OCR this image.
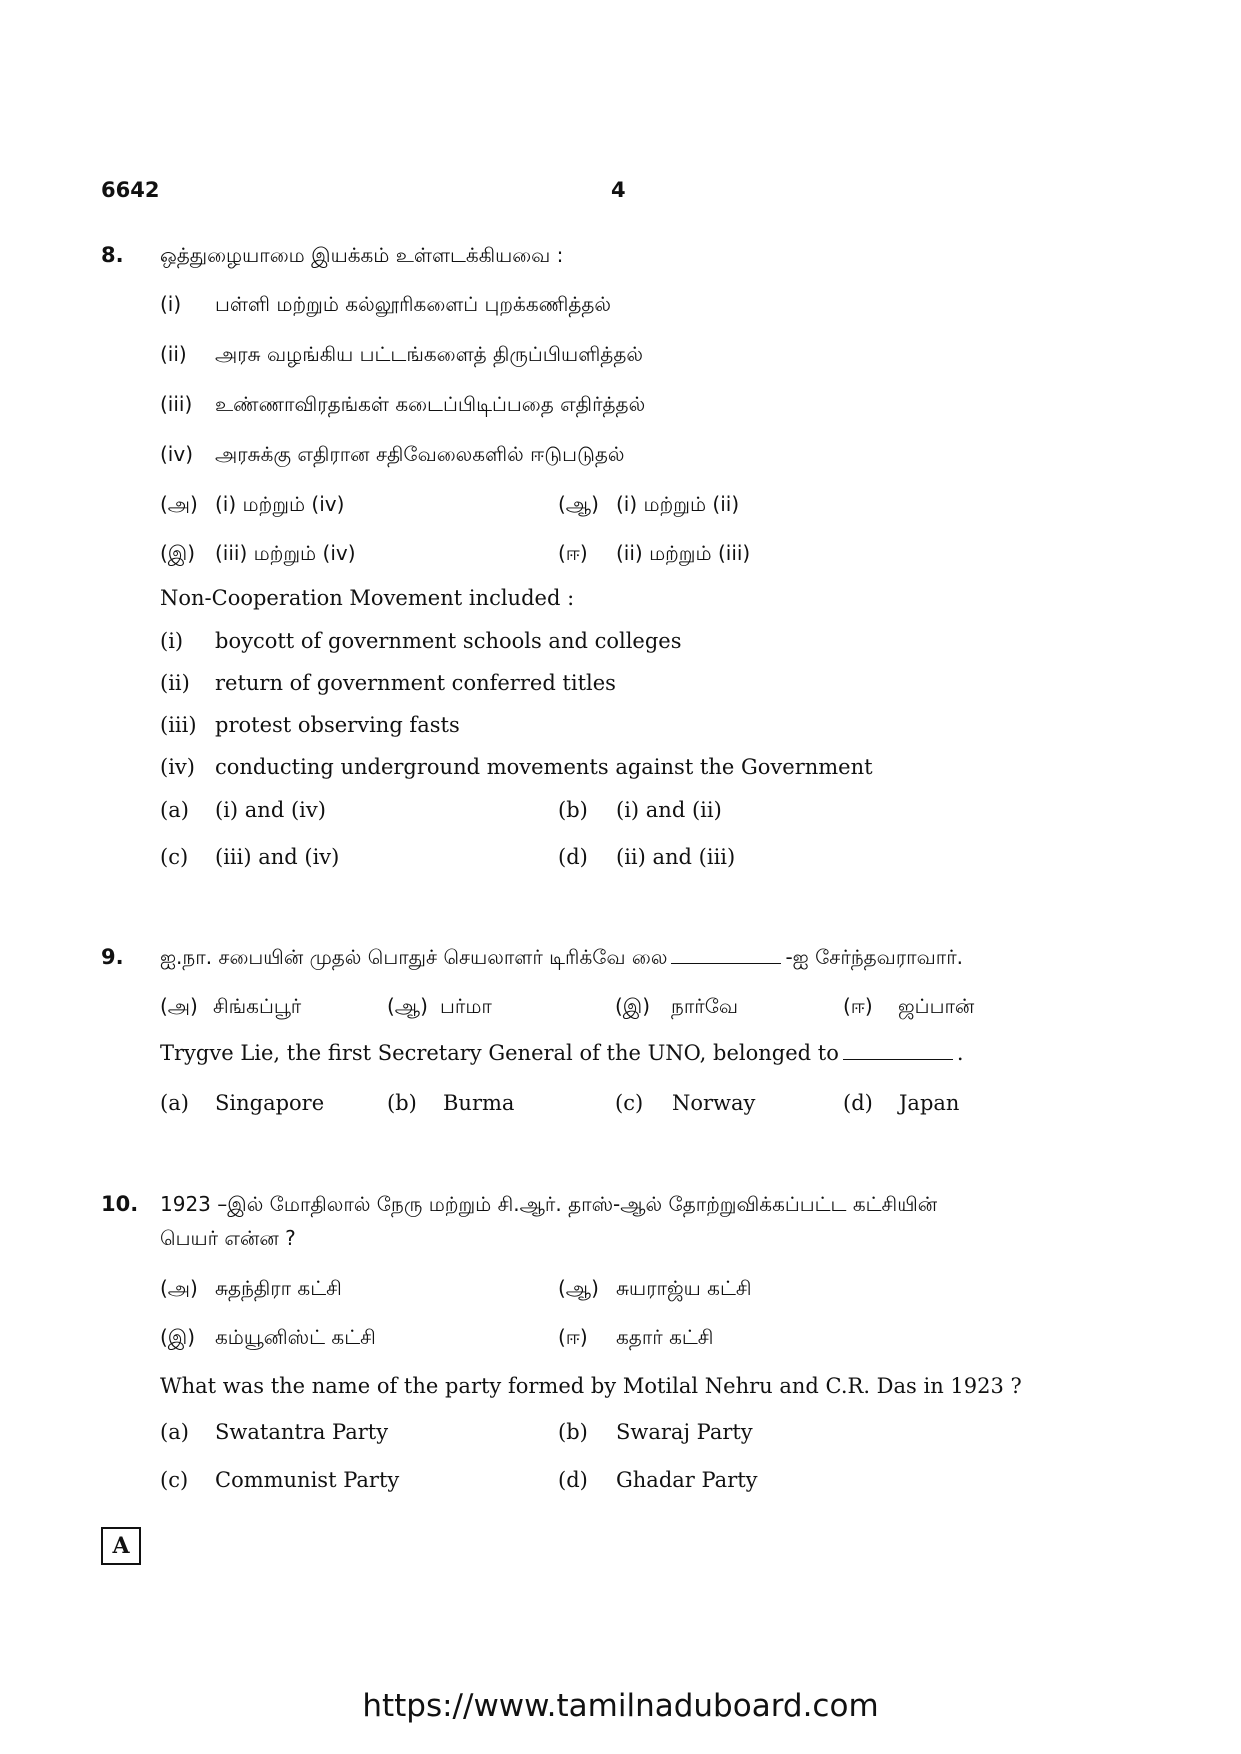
6642	4
8. ஒத்துழையாமை இயக்கம் உள்ளடக்கியவை :
(i) பள்ளி மற்றும் கல்லூரிகளைப் புறக்கணித்தல்
(ii) அரசு வழங்கிய பட்டங்களைத் திருப்பியளித்தல்
(iii) உண்ணாவிரதங்கள் கடைப்பிடிப்பதை எதிர்த்தல்
(iv) அரசுக்கு எதிரான சதிவேலைகளில் ஈடுபடுதல்
(அ) (i) மற்றும் (iv)	(ஆ) (i) மற்றும் (ii)
(இ) (iii) மற்றும் (iv)	(ஈ) (ii) மற்றும் (iii)
Non-Cooperation Movement included :
(i) boycott of government schools and colleges
(ii) return of government conferred titles
(iii) protest observing fasts
(iv) conducting underground movements against the Government
(a) (i) and (iv)	(b) (i) and (ii)
(c) (iii) and (iv)	(d) (ii) and (iii)
9. ஐ.நா. சபையின் முதல் பொதுச் செயலாளர் டிரிக்வே லை	-ஐ சேர்ந்தவராவார்.
(அ) சிங்கப்பூர்	(ஆ) பர்மா	(இ) நார்வே	(ஈ) ஜப்பான்
Trygve Lie, the first Secretary General of the UNO, belonged to	.
(a) Singapore	(b) Burma	(c) Norway	(d) Japan
10. 1923 –இல் மோதிலால் நேரு மற்றும் சி.ஆர். தாஸ்-ஆல் தோற்றுவிக்கப்பட்ட கட்சியின்
பெயர் என்ன ?
(அ) சுதந்திரா கட்சி	(ஆ) சுயராஜ்ய கட்சி
(இ) கம்யூனிஸ்ட் கட்சி	(ஈ) கதார் கட்சி
What was the name of the party formed by Motilal Nehru and C.R. Das in 1923 ?
(a) Swatantra Party	(b) Swaraj Party
(c) Communist Party	(d) Ghadar Party
A
https://www.tamilnaduboard.com
